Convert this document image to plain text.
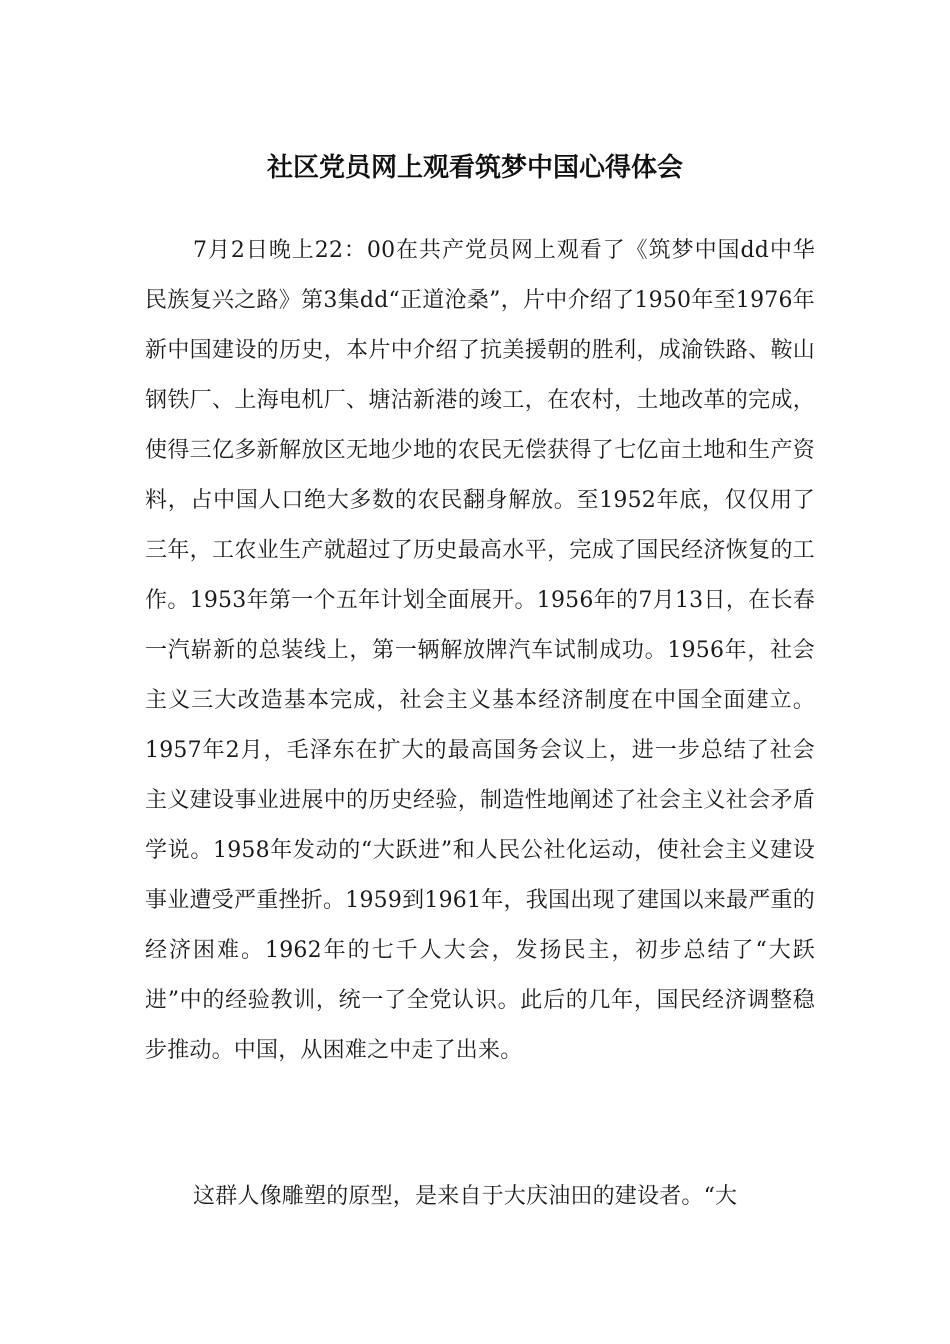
社区党员网上观看筑梦中国心得体会

7月2日晚上22：00在共产党员网上观看了《筑梦中国dd中华民族复兴之路》第3集dd“正道沧桑”，片中介绍了1950年至1976年新中国建设的历史，本片中介绍了抗美援朝的胜利，成渝铁路、鞍山钢铁厂、上海电机厂、塘沽新港的竣工，在农村，土地改革的完成，使得三亿多新解放区无地少地的农民无偿获得了七亿亩土地和生产资料，占中国人口绝大多数的农民翻身解放。至1952年底，仅仅用了三年，工农业生产就超过了历史最高水平，完成了国民经济恢复的工作。1953年第一个五年计划全面展开。1956年的7月13日，在长春一汽崭新的总装线上，第一辆解放牌汽车试制成功。1956年，社会主义三大改造基本完成，社会主义基本经济制度在中国全面建立。1957年2月，毛泽东在扩大的最高国务会议上，进一步总结了社会主义建设事业进展中的历史经验，制造性地阐述了社会主义社会矛盾学说。1958年发动的“大跃进”和人民公社化运动，使社会主义建设事业遭受严重挫折。1959到1961年，我国出现了建国以来最严重的经济困难。1962年的七千人大会，发扬民主，初步总结了“大跃进”中的经验教训，统一了全党认识。此后的几年，国民经济调整稳步推动。中国，从困难之中走了出来。

这群人像雕塑的原型，是来自于大庆油田的建设者。“大
